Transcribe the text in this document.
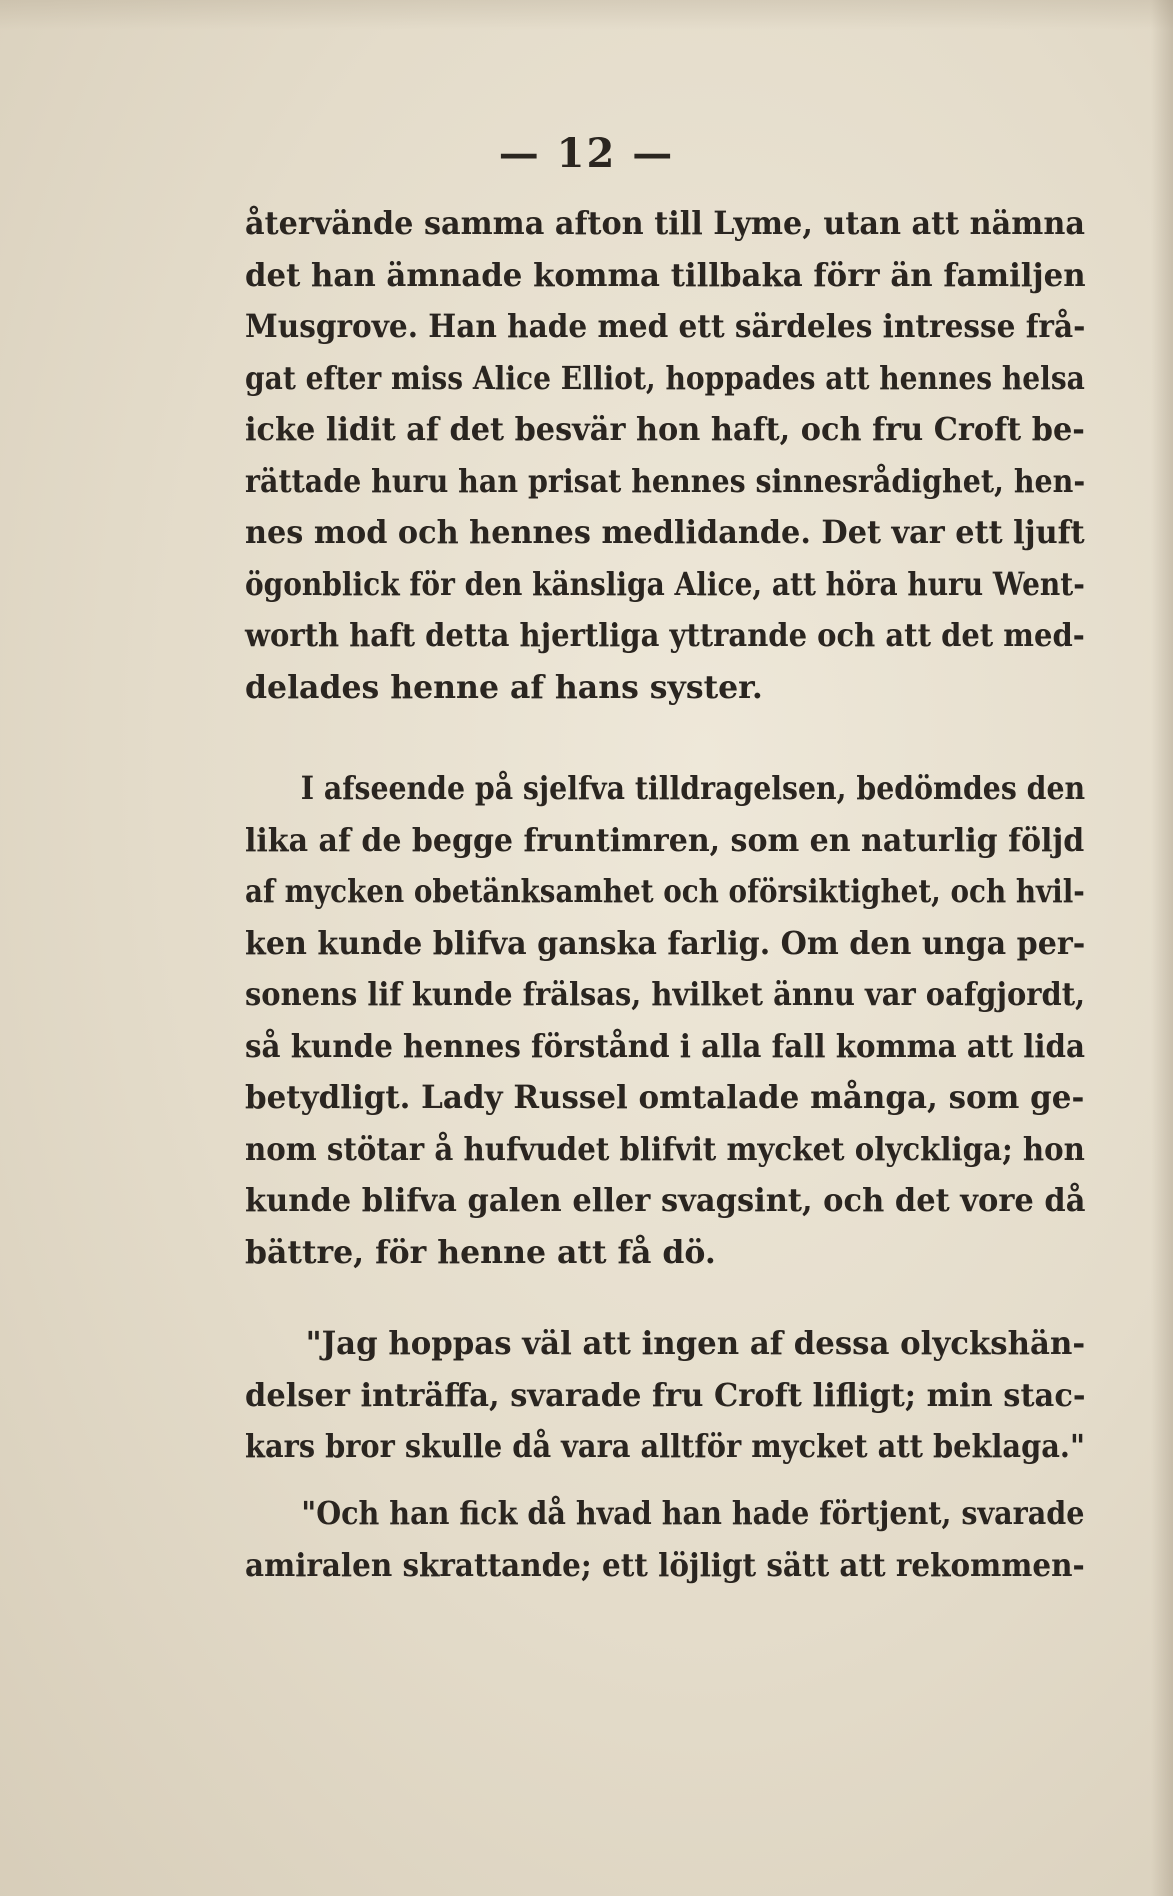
— 12 —
återvände samma afton till Lyme, utan att nämna
det han ämnade komma tillbaka förr än familjen
Musgrove. Han hade med ett särdeles intresse frå-
gat efter miss Alice Elliot, hoppades att hennes helsa
icke lidit af det besvär hon haft, och fru Croft be-
rättade huru han prisat hennes sinnesrådighet, hen-
nes mod och hennes medlidande. Det var ett ljuft
ögonblick för den känsliga Alice, att höra huru Went-
worth haft detta hjertliga yttrande och att det med-
delades henne af hans syster.
I afseende på sjelfva tilldragelsen, bedömdes den
lika af de begge fruntimren, som en naturlig följd
af mycken obetänksamhet och oförsiktighet, och hvil-
ken kunde blifva ganska farlig. Om den unga per-
sonens lif kunde frälsas, hvilket ännu var oafgjordt,
så kunde hennes förstånd i alla fall komma att lida
betydligt. Lady Russel omtalade många, som ge-
nom stötar å hufvudet blifvit mycket olyckliga; hon
kunde blifva galen eller svagsint, och det vore då
bättre, för henne att få dö.
"Jag hoppas väl att ingen af dessa olyckshän-
delser inträffa, svarade fru Croft lifligt; min stac-
kars bror skulle då vara alltför mycket att beklaga."
"Och han fick då hvad han hade förtjent, svarade
amiralen skrattande; ett löjligt sätt att rekommen-
